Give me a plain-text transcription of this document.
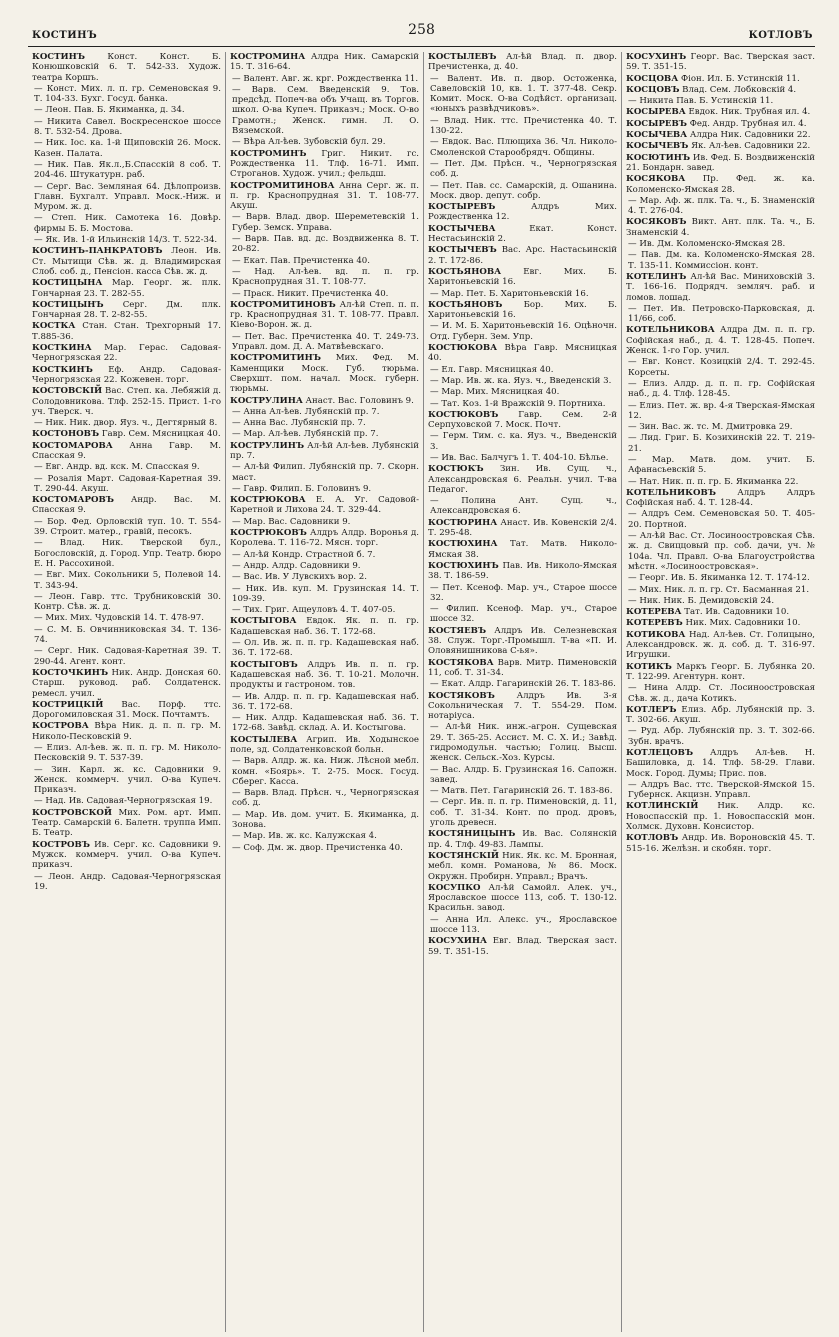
КОСТИНЪ	258	КОТЛОВЪ

КОСТИНЪ	Конст. Конст. Б. Конюшковскій 6. Т. 542-33. Худож. театра Коршъ.

— Конст. Мих. л. п. гр. Семеновская 9. Т. 104-33. Бухг. Госуд. банка.

— Леон. Пав. Б. Якиманка, д. 34.

— Никита Савел. Воскресенское шоссе 8. Т. 532-54. Дрова.

— Ник. Іос. ка. 1-й Щиповскій 26. Моск. Казен. Палата.

— Ник. Пав. Як.л.,Б.Спасскій 8 соб. Т. 204-46. Штукатурн. раб.

— Серг. Вас. Земляная 64. Дѣлопроизв. Главн. Бухгалт. Управл. Моск.-Ниж. и Муром. ж. д.

— Степ. Ник. Самотека 16. Довѣр. фирмы Б. Б. Мостова.

— Як. Ив. 1-й Ильинскій 14/3. Т. 522-34.

КОСТИНЪ-ПАНКРАТОВЪ Леон. Ив. Ст. Мытищи Сѣв. ж. д. Владимирская Слоб. соб. д., Пенсіон. касса Сѣв. ж. д.

КОСТИЦЫНА Мар. Георг. ж. плк. Гончарная 23. Т. 282-55.

КОСТИЦЫНЪ Серг. Дм. плк. Гончарная 28. Т. 2-82-55.

КОСТКА Стан. Стан. Трехгорный 17. Т.885-36.

КОСТКИНА Мар. Герас. Садовая-Черногрязская 22.

КОСТКИНЪ Еф. Андр. Садовая-Черногрязская 22. Кожевен. торг.

КОСТОВСКІЙ Вас. Степ. ка. Лебяжій д. Солодовникова. Тлф. 252-15. Прист. 1-го уч. Тверск. ч.

— Ник. Ник. двор. Яуз. ч., Дегтярный 8.

КОСТОНОВЪ Гавр. Сем. Мясницкая 40.

КОСТОМАРОВА Анна Гавр. М. Спасская 9.

— Евг. Андр. вд. кск. М. Спасская 9.

— Розалія Март. Садовая-Каретная 39. Т. 290-44. Акуш.

КОСТОМАРОВЪ Андр. Вас. М. Спасская 9.

— Бор. Фед. Орловскій туп. 10. Т. 554-39. Строит. матер., гравій, песокъ.

— Влад. Ник. Тверской бул., Богословскій, д. Город. Упр. Театр. бюро Е. Н. Рассохиной.

— Евг. Мих. Сокольники 5, Полевой 14. Т. 343-94.

— Леон. Гавр. ттс. Трубниковскій 30. Контр. Сѣв. ж. д.

— Мих. Мих. Чудовскій 14. Т. 478-97.

— С. М. Б. Овчинниковская 34. Т. 136-74.

— Серг. Ник. Садовая-Каретная 39. Т. 290-44. Агент. конт.

КОСТОЧКИНЪ Ник. Андр. Донская 60. Старш. руковод. раб. Солдатенск. ремесл. учил.

КОСТРИЦКІЙ Вас. Порф. ттс. Дорогомиловская 31. Моск. Почтамтъ.

КОСТРОВА Вѣра Ник. д. п. п. гр. М. Николо-Песковскій 9.

— Елиз. Ал-ѣев. ж. п. п. гр. М. Николо-Песковскій 9. Т. 537-39.

— Зин. Карл. ж. кс. Садовники 9. Женск. коммерч. учил. О-ва Купеч. Приказч.

— Над. Ив. Садовая-Черногрязская 19.

КОСТРОВСКОЙ Мих. Ром. арт. Имп. Театр. Самарскій 6. Балетн. труппа Имп. Б. Театр.

КОСТРОВЪ Ив. Серг. кс. Садовники 9. Мужск. коммерч. учил. О-ва Купеч. приказч.

— Леон. Андр. Садовая-Черногрязская 19.

КОСТРОМИНА Алдра Ник. Самарскій 15. Т. 316-64.

— Валент. Авг. ж. крг. Рождественка 11.

— Варв. Сем. Введенскій 9. Тов. предсѣд. Попеч-ва объ Учащ. въ Торгов. школ. О-ва Купеч. Приказч.; Моск. О-во Грамотн.; Женск. гимн. Л. О. Вяземской.

— Вѣра Ал-ѣев. Зубовскій бул. 29.

КОСТРОМИНЪ Григ. Никит. гс. Рождественка 11. Тлф. 16-71. Имп. Строганов. Худож. учил.; фельдш.

КОСТРОМИТИНОВА Анна Серг. ж. п. п. гр. Краснопрудная 31. Т. 108-77. Акуш.

— Варв. Влад. двор. Шереметевскій 1. Губер. Земск. Управа.

— Варв. Пав. вд. дс. Воздвиженка 8. Т. 20-82.

— Екат. Пав. Пречистенка 40.

— Над. Ал-ѣев. вд. п. п. гр. Краснопрудная 31. Т. 108-77.

— Праск. Никит. Пречистенка 40.

КОСТРОМИТИНОВЪ Ал-ѣй Степ. п. п. гр. Краснопрудная 31. Т. 108-77. Правл. Кіево-Ворон. ж. д.

— Пет. Вас. Пречистенка 40. Т. 249-73. Управл. дом. Д. А. Матвѣевскаго.

КОСТРОМИТИНЪ Мих. Фед. М. Каменщики Моск. Губ. тюрьма. Сверхшт. пом. начал. Моск. губерн. тюрьмы.

КОСТРУЛИНА Анаст. Вас. Головинъ 9.

— Анна Ал-ѣев. Лубянскій пр. 7.

— Анна Вас. Лубянскій пр. 7.

— Мар. Ал-ѣев. Лубянскій пр. 7.

КОСТРУЛИНЪ Ал-ѣй Ал-ѣев. Лубянскій пр. 7.

— Ал-ѣй Филип. Лубянскій пр. 7. Скорн. маст.

— Гавр. Филип. Б. Головинъ 9.

КОСТРЮКОВА Е. А. Уг. Садовой-Каретной и Лихова 24. Т. 329-44.

— Мар. Вас. Садовники 9.

КОСТРЮКОВЪ Алдръ Алдр. Воронья д. Королева. Т. 116-72. Мясн. торг.

— Ал-ѣй Кондр. Страстной б. 7.

— Андр. Алдр. Садовники 9.

— Вас. Ив. У Лувскихъ вор. 2.

— Ник. Ив. куп. М. Грузинская 14. Т. 109-39.

— Тих. Григ. Ащеуловъ 4. Т. 407-05.

КОСТЫГОВА Евдок. Як. п. п. гр. Кадашевская наб. 36. Т. 172-68.

— Ол. Ив. ж. п. п. гр. Кадашевская наб. 36. Т. 172-68.

КОСТЫГОВЪ Алдръ Ив. п. п. гр. Кадашевская наб. 36. Т. 10-21. Молочн. продукты и гастроном. тов.

— Ив. Алдр. п. п. гр. Кадашевская наб. 36. Т. 172-68.

— Ник. Алдр. Кадашевская наб. 36. Т. 172-68. Завѣд. склад. А. И. Костыгова.

КОСТЫЛЕВА Агрип. Ив. Ходынское поле, зд. Солдатенковской больн.

— Варв. Алдр. ж. ка. Ниж. Лѣсной мебл. комн. «Боярь». Т. 2-75. Моск. Госуд. Сберег. Касса.

— Варв. Влад. Прѣсн. ч., Черногрязская соб. д.

— Мар. Ив. дом. учит. Б. Якиманка, д. Зонова.

— Мар. Ив. ж. кс. Калужская 4.

— Соф. Дм. ж. двор. Пречистенка 40.

КОСТЫЛЕВЪ Ал-ѣй Влад. п. двор. Пречистенка, д. 40.

— Валент. Ив. п. двор. Остоженка, Савеловскій 10, кв. 1. Т. 377-48. Секр. Комит. Моск. О-ва Содѣйст. организац. «юныхъ развѣдчиковъ».

— Влад. Ник. ттс. Пречистенка 40. Т. 130-22.

— Евдок. Вас. Плющиха 36. Чл. Николо-Смоленской Старообрядч. Общины.

— Пет. Дм. Прѣсн. ч., Черногрязская соб. д.

— Пет. Пав. сс. Самарскій, д. Ошанина. Моск. двор. депут. собр.

КОСТЫРЕВЪ	Алдръ Мих. Рождественка 12.

КОСТЫЧЕВА	Екат. Конст. Нестасьинскій 2.

КОСТЫЧЕВЪ Вас. Арс. Настасьинскій 2. Т. 172-86.

КОСТЬЯНОВА	Евг. Мих. Б. Харитоньевскій 16.

— Мар. Пет. Б. Харитоньевскій 16.

КОСТЬЯНОВЪ Бор. Мих. Б. Харитоньевскій 16.

— И. М. Б. Харитоньевскій 16. Оцѣночн. Отд. Губерн. Зем. Упр.

КОСТЮКОВА Вѣра Гавр. Мясницкая 40.

— Ел. Гавр. Мясницкая 40.

— Мар. Ив. ж. ка. Яуз. ч., Введенскій 3.

— Мар. Мих. Мясницкая 40.

— Тат. Коз. 1-й Вражскій 9. Портниха.

КОСТЮКОВЪ Гавр. Сем. 2-й Серпуховской 7. Моск. Почт.

— Герм. Тим. с. ка. Яуз. ч., Введенскій 3.

— Ив. Вас. Балчугъ 1. Т. 404-10. Бѣлье.

КОСТЮКЪ Зин. Ив. Сущ. ч., Александровская 6. Реальн. учил. Т-ва Педагог.

— Полина Ант. Сущ. ч., Александровская 6.

КОСТЮРИНА Анаст. Ив. Ковенскій 2/4. Т. 295-48.

КОСТЮХИНА Тат. Матв. Николо-Ямская 38.

КОСТЮХИНЪ Пав. Ив. Николо-Ямская 38. Т. 186-59.

— Пет. Ксеноф. Мар. уч., Старое шоссе 32.

— Филип. Ксеноф. Мар. уч., Старое шоссе 32.

КОСТЯЕВЪ Алдръ Ив. Селезневская 38. Служ. Торг.-Промышл. Т-ва «П. И. Оловянишникова С-ья».

КОСТЯКОВА Варв. Митр. Пименовскій 11, соб. Т. 31-34.

— Екат. Алдр. Гагаринскій 26. Т. 183-86.

КОСТЯКОВЪ	Алдръ Ив. 3-я Сокольническая 7. Т. 554-29. Пом. нотаріуса.

— Ал-ѣй Ник. инж.-агрон. Сущевская 29. Т. 365-25. Ассист. М. С. Х. И.; Завѣд. гидромодульн. частью; Голиц. Высш. женск. Сельск.-Хоз. Курсы.

— Вас. Алдр. Б. Грузинская 16. Сапожн. завед.

— Матв. Пет. Гагаринскій 26. Т. 183-86.

— Серг. Ив. п. п. гр. Пименовскій, д. 11, соб. Т. 31-34. Конт. по прод. дровъ, уголь древесн.

КОСТЯНИЦЫНЪ Ив. Вас. Солянскій пр. 4. Тлф. 49-83. Лампы.

КОСТЯНСКІЙ Ник. Як. кс. М. Бронная, мебл. комн. Романова, № 86. Моск. Окружн. Пробирн. Управл.; Врачъ.

КОСУПКО Ал-ѣй Самойл. Алек. уч., Ярославское шоссе 113, соб. Т. 130-12. Красильн. завод.

— Анна Ил. Алекс. уч., Ярославское шоссе 113.

КОСУХИНА Евг. Влад. Тверская заст. 59. Т. 351-15.

КОСУХИНЪ Георг. Вас. Тверская заст. 59. Т. 351-15.

КОСЦОВА Фіон. Ил. Б. Устинскій 11.

КОСЦОВЪ Влад. Сем. Лобковскій 4.

— Никита Пав. Б. Устинскій 11.

КОСЫРЕВА Евдок. Ник. Трубная ил. 4.

КОСЫРЕВЪ Фед. Андр. Трубная ил. 4.

КОСЫЧЕВА Алдра Ник. Садовники 22.

КОСЫЧЕВЪ Як. Ал-ѣев. Садовники 22.

КОСЮТИНЪ Ив. Фед. Б. Воздвиженскій 21. Бондарн. завед.

КОСЯКОВА Пр. Фед. ж. ка. Коломенско-Ямская 28.

— Мар. Аф. ж. плк. Та. ч., Б. Знаменскій 4. Т. 276-04.

КОСЯКОВЪ Викт. Ант. плк. Та. ч., Б. Знаменскій 4.

— Ив. Дм. Коломенско-Ямская 28.

— Пав. Дм. ка. Коломенско-Ямская 28. Т. 135-11. Коммиссіон. конт.

КОТЕЛИНЪ Ал-ѣй Вас. Миниховскій 3. Т. 166-16. Подрядч. земляч. раб. и ломов. лошад.

— Пет. Ив. Петровско-Парковская, д. 11/66, соб.

КОТЕЛЬНИКОВА Алдра Дм. п. п. гр. Софійская наб., д. 4. Т. 128-45. Попеч. Женск. 1-го Гор. учил.

— Евг. Конст. Козицкій 2/4. Т. 292-45. Корсеты.

— Елиз. Алдр. д. п. п. гр. Софійская наб., д. 4. Тлф. 128-45.

— Елиз. Пет. ж. вр. 4-я Тверская-Ямская 12.

— Зин. Вас. ж. тс. М. Дмитровка 29.

— Лид. Григ. Б. Козихинскій 22. Т. 219-21.

— Мар. Матв. дом. учит. Б. Афанасьевскій 5.

— Нат. Ник. п. п. гр. Б. Якиманка 22.

КОТЕЛЬНИКОВЪ Алдръ Алдръ Софійская наб. 4. Т. 128-44.

— Алдръ Сем. Семеновская 50. Т. 405-20. Портной.

— Ал-ѣй Вас. Ст. Лосиноостровская Сѣв. ж. д. Свиццовый пр. соб. дачи, уч. № 104а. Чл. Правл. О-ва Благоустройства мѣстн. «Лосиноостровская».

— Георг. Ив. Б. Якиманка 12. Т. 174-12.

— Мих. Ник. л. п. гр. Ст. Басманная 21.

— Ник. Ник. Б. Демидовскій 24.

КОТЕРЕВА Тат. Ив. Садовники 10.

КОТЕРЕВЪ Ник. Мих. Садовники 10.

КОТИКОВА Над. Ал-ѣев. Ст. Голицыно, Александровск. ж. д. соб. д. Т. 316-97. Игрушки.

КОТИКЪ Маркъ Георг. Б. Лубянка 20. Т. 122-99. Агентурн. конт.

— Нина Алдр. Ст. Лосиноостровская Сѣв. ж. д., дача Котикъ.

КОТЛЕРЪ Елиз. Абр. Лубянскій пр. 3. Т. 302-66. Акуш.

— Руд. Абр. Лубянскій пр. 3. Т. 302-66. Зубн. врачъ.

КОТЛЕЦОВЪ Алдръ Ал-ѣев. Н. Башиловка, д. 14. Тлф. 58-29. Глави. Моск. Город. Думы; Прис. пов.

— Алдръ Вас. ттс. Тверской-Ямской 15. Губернск. Акцизн. Управл.

КОТЛИНСКІЙ Ник. Алдр. кс. Новоспасскій пр. 1. Новоспасскій мон. Холмск. Духовн. Консистор.

КОТЛОВЪ Андр. Ив. Вороновскій 45. Т. 515-16. Желѣзн. и скобян. торг.
